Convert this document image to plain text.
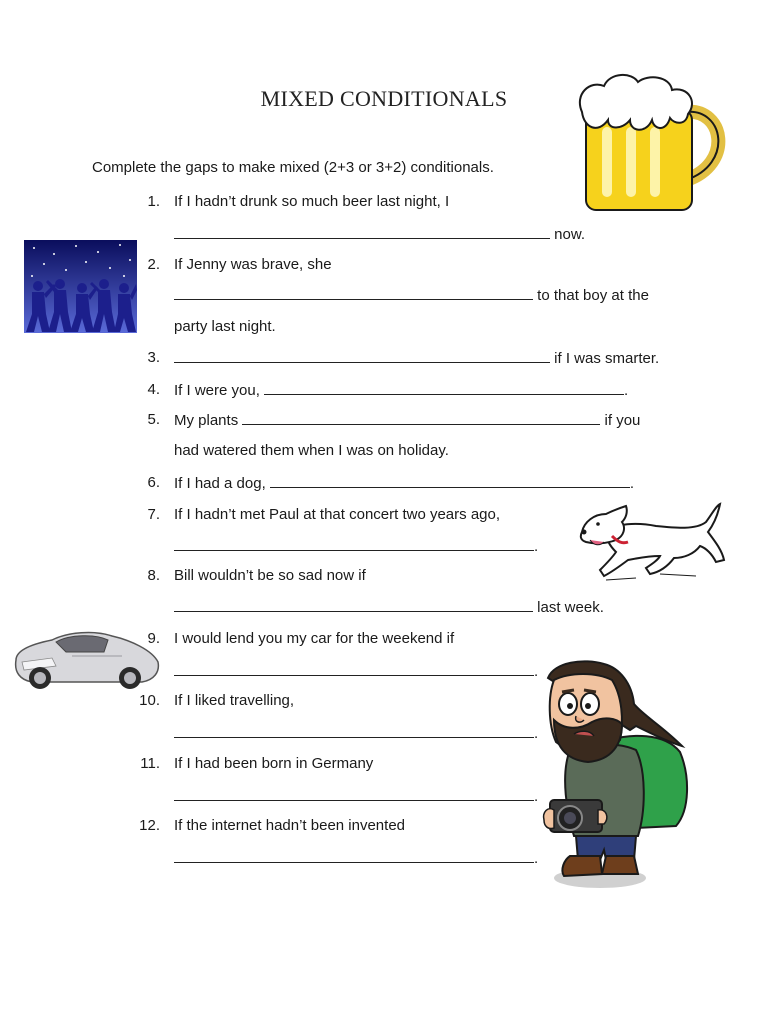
MIXED CONDITIONALS
Complete the gaps to make mixed (2+3 or 3+2) conditionals.
1. If I hadn’t drunk so much beer last night, I
now.
2. If Jenny was brave, she
to that boy at the
party last night.
3.	if I was smarter.
4. If I were you,	.
5. My plants	if you
had watered them when I was on holiday.
6. If I had a dog,	.
7. If I hadn’t met Paul at that concert two years ago,
.
8. Bill wouldn’t be so sad now if
last week.
9. I would lend you my car for the weekend if
.
10. If I liked travelling,
.
11. If I had been born in Germany
.
12. If the internet hadn’t been invented
.
